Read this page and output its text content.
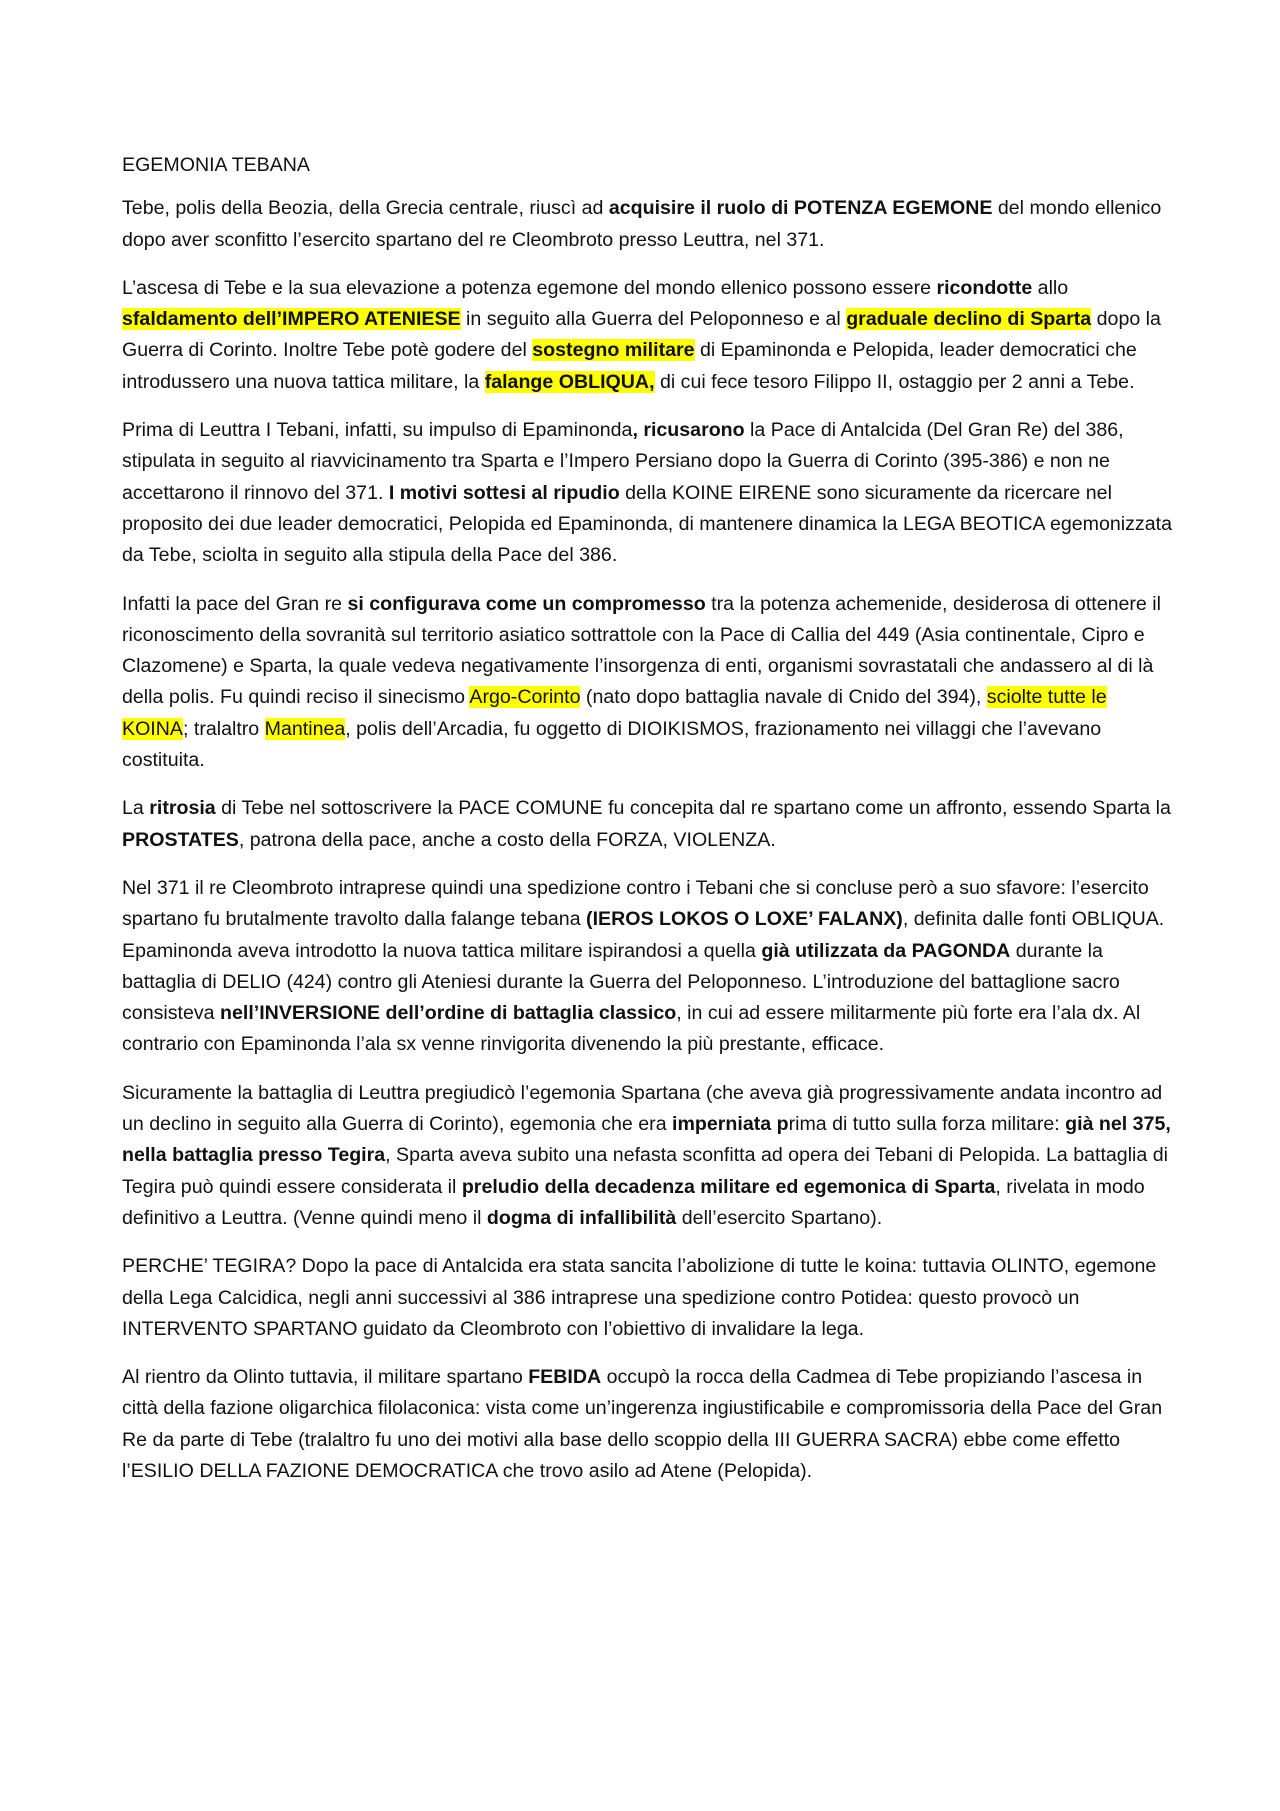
EGEMONIA TEBANA

Tebe, polis della Beozia, della Grecia centrale, riuscì ad acquisire il ruolo di POTENZA EGEMONE del mondo ellenico dopo aver sconfitto l’esercito spartano del re Cleombroto presso Leuttra, nel 371.

L’ascesa di Tebe e la sua elevazione a potenza egemone del mondo ellenico possono essere ricondotte allo sfaldamento dell’IMPERO ATENIESE in seguito alla Guerra del Peloponneso e al graduale declino di Sparta dopo la Guerra di Corinto. Inoltre Tebe potè godere del sostegno militare di Epaminonda e Pelopida, leader democratici che introdussero una nuova tattica militare, la falange OBLIQUA, di cui fece tesoro Filippo II, ostaggio per 2 anni a Tebe.

Prima di Leuttra I Tebani, infatti, su impulso di Epaminonda, ricusarono la Pace di Antalcida (Del Gran Re) del 386, stipulata in seguito al riavvicinamento tra Sparta e l’Impero Persiano dopo la Guerra di Corinto (395-386) e non ne accettarono il rinnovo del 371. I motivi sottesi al ripudio della KOINE EIRENE sono sicuramente da ricercare nel proposito dei due leader democratici, Pelopida ed Epaminonda, di mantenere dinamica la LEGA BEOTICA egemonizzata da Tebe, sciolta in seguito alla stipula della Pace del 386.

Infatti la pace del Gran re si configurava come un compromesso tra la potenza achemenide, desiderosa di ottenere il riconoscimento della sovranità sul territorio asiatico sottrattole con la Pace di Callia del 449 (Asia continentale, Cipro e Clazomene) e Sparta, la quale vedeva negativamente l’insorgenza di enti, organismi sovrastatali che andassero al di là della polis. Fu quindi reciso il sinecismo Argo-Corinto (nato dopo battaglia navale di Cnido del 394), sciolte tutte le KOINA; tralaltro Mantinea, polis dell’Arcadia, fu oggetto di DIOIKISMOS, frazionamento nei villaggi che l’avevano costituita.

La ritrosia di Tebe nel sottoscrivere la PACE COMUNE fu concepita dal re spartano come un affronto, essendo Sparta la PROSTATES, patrona della pace, anche a costo della FORZA, VIOLENZA.

Nel 371 il re Cleombroto intraprese quindi una spedizione contro i Tebani che si concluse però a suo sfavore: l’esercito spartano fu brutalmente travolto dalla falange tebana (IEROS LOKOS O LOXE’ FALANX), definita dalle fonti OBLIQUA. Epaminonda aveva introdotto la nuova tattica militare ispirandosi a quella già utilizzata da PAGONDA durante la battaglia di DELIO (424) contro gli Ateniesi durante la Guerra del Peloponneso. L’introduzione del battaglione sacro consisteva nell’INVERSIONE dell’ordine di battaglia classico, in cui ad essere militarmente più forte era l’ala dx. Al contrario con Epaminonda l’ala sx venne rinvigorita divenendo la più prestante, efficace.

Sicuramente la battaglia di Leuttra pregiudicò l’egemonia Spartana (che aveva già progressivamente andata incontro ad un declino in seguito alla Guerra di Corinto), egemonia che era imperniata prima di tutto sulla forza militare: già nel 375, nella battaglia presso Tegira, Sparta aveva subito una nefasta sconfitta ad opera dei Tebani di Pelopida. La battaglia di Tegira può quindi essere considerata il preludio della decadenza militare ed egemonica di Sparta, rivelata in modo definitivo a Leuttra. (Venne quindi meno il dogma di infallibilità dell’esercito Spartano).

PERCHE’ TEGIRA? Dopo la pace di Antalcida era stata sancita l’abolizione di tutte le koina: tuttavia OLINTO, egemone della Lega Calcidica, negli anni successivi al 386 intraprese una spedizione contro Potidea: questo provocò un INTERVENTO SPARTANO guidato da Cleombroto con l’obiettivo di invalidare la lega.

Al rientro da Olinto tuttavia, il militare spartano FEBIDA occupò la rocca della Cadmea di Tebe propiziando l’ascesa in città della fazione oligarchica filolaconica: vista come un’ingerenza ingiustificabile e compromissoria della Pace del Gran Re da parte di Tebe (tralaltro fu uno dei motivi alla base dello scoppio della III GUERRA SACRA) ebbe come effetto l’ESILIO DELLA FAZIONE DEMOCRATICA che trovo asilo ad Atene (Pelopida).
